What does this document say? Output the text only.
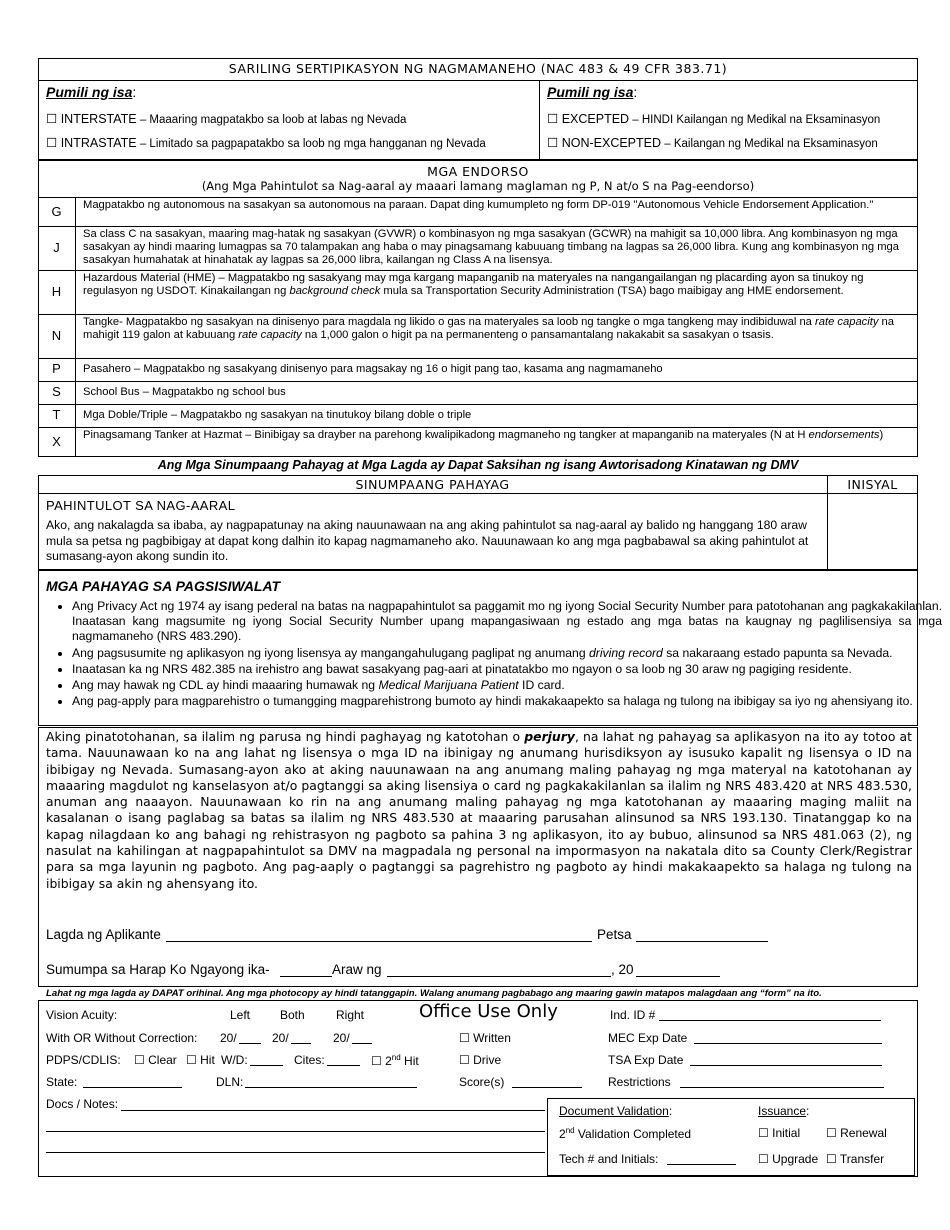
SARILING SERTIPIKASYON NG NAGMAMANEHO (NAC 483 & 49 CFR 383.71)
Pumili ng isa:
☐ INTERSTATE – Maaaring magpatakbo sa loob at labas ng Nevada
☐ INTRASTATE – Limitado sa pagpapatakbo sa loob ng mga hangganan ng Nevada
Pumili ng isa:
☐ EXCEPTED – HINDI Kailangan ng Medikal na Eksaminasyon
☐ NON-EXCEPTED – Kailangan ng Medikal na Eksaminasyon
MGA ENDORSO
(Ang Mga Pahintulot sa Nag-aaral ay maaari lamang maglaman ng P, N at/o S na Pag-eendorso)
G	Magpatakbo ng autonomous na sasakyan sa autonomous na paraan. Dapat ding kumumpleto ng form DP-019 "Autonomous Vehicle Endorsement Application."
J
Sa class C na sasakyan, maaring mag-hatak ng sasakyan (GVWR) o kombinasyon ng mga sasakyan (GCWR) na mahigit sa 10,000 libra. Ang kombinasyon ng mga sasakyan ay hindi maaring lumagpas sa 70 talampakan ang haba o may pinagsamang kabuuang timbang na lagpas sa 26,000 libra. Kung ang kombinasyon ng mga sasakyan humahatak at hinahatak ay lagpas sa 26,000 libra, kailangan ng Class A na lisensya.
H
Hazardous Material (HME) – Magpatakbo ng sasakyang may mga kargang mapanganib na materyales na nangangailangan ng placarding ayon sa tinukoy ng regulasyon ng USDOT. Kinakailangan ng background check mula sa Transportation Security Administration (TSA) bago maibigay ang HME endorsement.
N
Tangke- Magpatakbo ng sasakyan na dinisenyo para magdala ng likido o gas na materyales sa loob ng tangke o mga tangkeng may indibiduwal na rate capacity na mahigit 119 galon at kabuuang rate capacity na 1,000 galon o higit pa na permanenteng o pansamantalang nakakabit sa sasakyan o tsasis.
P	Pasahero – Magpatakbo ng sasakyang dinisenyo para magsakay ng 16 o higit pang tao, kasama ang nagmamaneho
S	School Bus – Magpatakbo ng school bus
T	Mga Doble/Triple – Magpatakbo ng sasakyan na tinutukoy bilang doble o triple
X	Pinagsamang Tanker at Hazmat – Binibigay sa drayber na parehong kwalipikadong magmaneho ng tangker at mapanganib na materyales (N at H endorsements)
Ang Mga Sinumpaang Pahayag at Mga Lagda ay Dapat Saksihan ng isang Awtorisadong Kinatawan ng DMV
SINUMPAANG PAHAYAG	INISYAL
PAHINTULOT SA NAG-AARAL
Ako, ang nakalagda sa ibaba, ay nagpapatunay na aking nauunawaan na ang aking pahintulot sa nag-aaral ay balido ng hanggang 180 araw mula sa petsa ng pagbibigay at dapat kong dalhin ito kapag nagmamaneho ako. Nauunawaan ko ang mga pagbabawal sa aking pahintulot at sumasang-ayon akong sundin ito.
MGA PAHAYAG SA PAGSISIWALAT
• Ang Privacy Act ng 1974 ay isang pederal na batas na nagpapahintulot sa paggamit mo ng iyong Social Security Number para patotohanan ang pagkakakilanlan. Inaatasan kang magsumite ng iyong Social Security Number upang mapangasiwaan ng estado ang mga batas na kaugnay ng paglilisensiya sa mga nagmamaneho (NRS 483.290).
• Ang pagsusumite ng aplikasyon ng iyong lisensya ay mangangahulugang paglipat ng anumang driving record sa nakaraang estado papunta sa Nevada.
• Inaatasan ka ng NRS 482.385 na irehistro ang bawat sasakyang pag-aari at pinatatakbo mo ngayon o sa loob ng 30 araw ng pagiging residente.
• Ang may hawak ng CDL ay hindi maaaring humawak ng Medical Marijuana Patient ID card.
• Ang pag-apply para magparehistro o tumangging magparehistrong bumoto ay hindi makakaapekto sa halaga ng tulong na ibibigay sa iyo ng ahensiyang ito.
Aking pinatotohanan, sa ilalim ng parusa ng hindi paghayag ng katotohan o perjury, na lahat ng pahayag sa aplikasyon na ito ay totoo at tama. Nauunawaan ko na ang lahat ng lisensya o mga ID na ibinigay ng anumang hurisdiksyon ay isusuko kapalit ng lisensya o ID na ibibigay ng Nevada. Sumasang-ayon ako at aking nauunawaan na ang anumang maling pahayag ng mga materyal na katotohanan ay maaaring magdulot ng kanselasyon at/o pagtanggi sa aking lisensiya o card ng pagkakakilanlan sa ilalim ng NRS 483.420 at NRS 483.530, anuman ang naaayon. Nauunawaan ko rin na ang anumang maling pahayag ng mga katotohanan ay maaaring maging maliit na kasalanan o isang paglabag sa batas sa ilalim ng NRS 483.530 at maaaring parusahan alinsunod sa NRS 193.130. Tinatanggap ko na kapag nilagdaan ko ang bahagi ng rehistrasyon ng pagboto sa pahina 3 ng aplikasyon, ito ay bubuo, alinsunod sa NRS 481.063 (2), ng nasulat na kahilingan at nagpapahintulot sa DMV na magpadala ng personal na impormasyon na nakatala dito sa County Clerk/Registrar para sa mga layunin ng pagboto. Ang pag-aaply o pagtanggi sa pagrehistro ng pagboto ay hindi makakaapekto sa halaga ng tulong na ibibigay sa akin ng ahensyang ito.
Lagda ng Aplikante	Petsa
Sumumpa sa Harap Ko Ngayong ika-	Araw ng	, 20
Lahat ng mga lagda ay DAPAT orihinal. Ang mga photocopy ay hindi tatanggapin. Walang anumang pagbabago ang maaring gawin matapos malagdaan ang “form” na ito.
Office Use Only
Vision Acuity:	Left Both	Right	Ind. ID #
With OR Without Correction: 20/	20/	20/	☐ Written	MEC Exp Date
PDPS/CDLIS: ☐ Clear ☐ Hit W/D:	Cites:	☐ 2nd Hit	☐ Drive	TSA Exp Date
State:	DLN:	Score(s)	Restrictions
Docs / Notes:	Document Validation:	Issuance:
2nd Validation Completed	☐ Initial ☐ Renewal
Tech # and Initials:	☐ Upgrade ☐ Transfer
